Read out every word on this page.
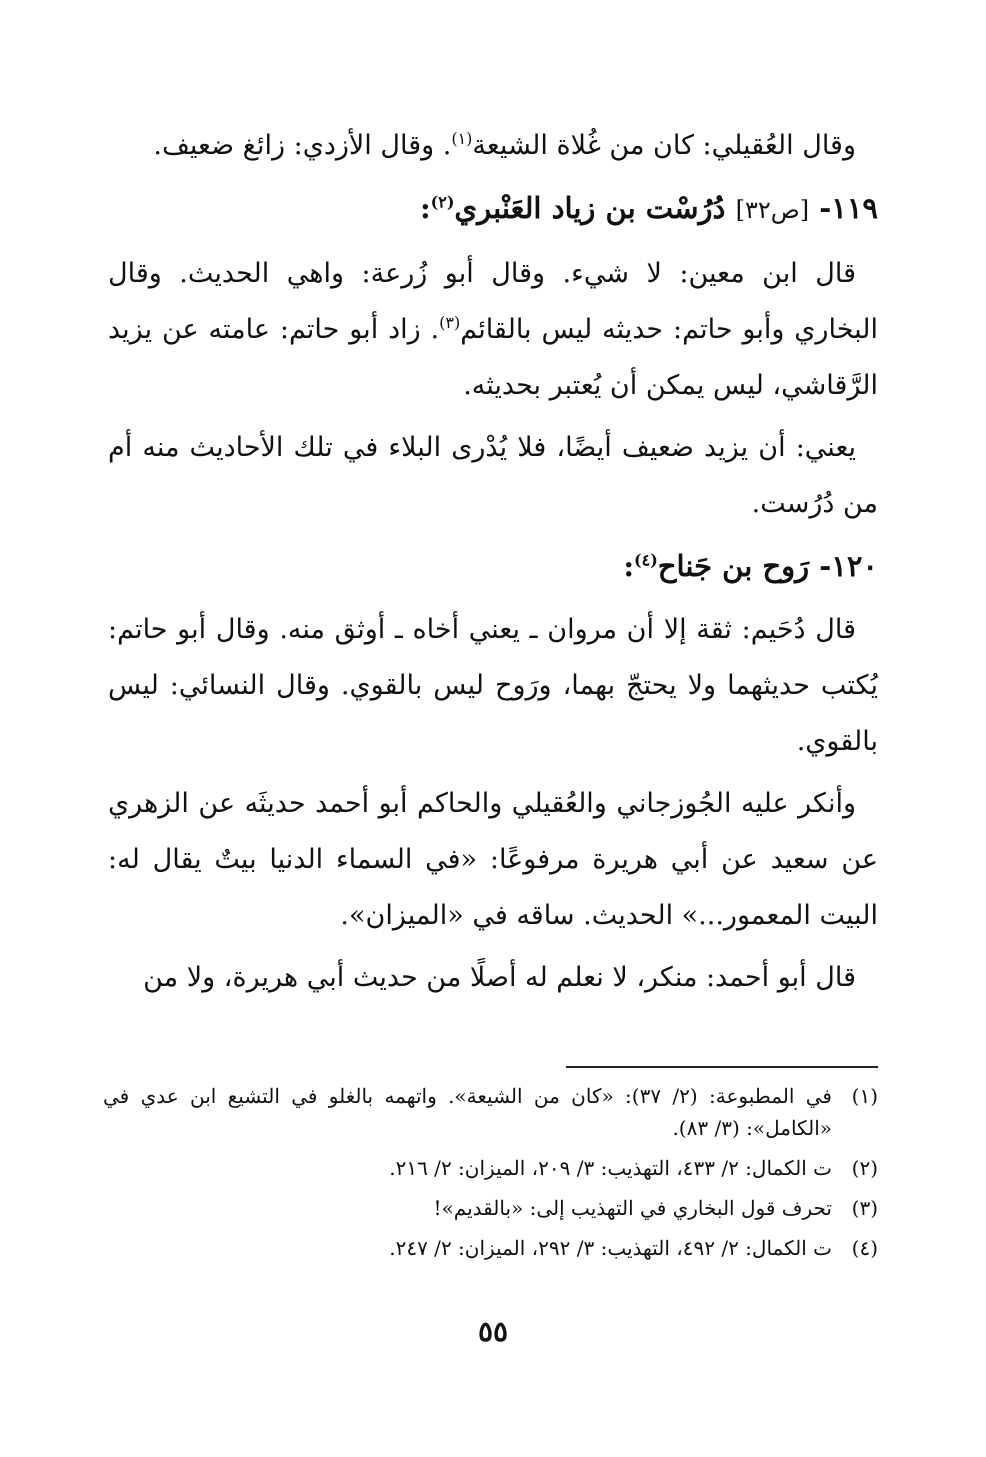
وقال العُقيلي: كان من غُلاة الشيعة$^{(١)}$. وقال الأزدي: زائغ ضعيف.

١١٩- [ص٣٢] دُرُسْت بن زياد العَنْبري$^{(٢)}$:

قال ابن معين: لا شيء. وقال أبو زُرعة: واهي الحديث. وقال البخاري وأبو حاتم: حديثه ليس بالقائم$^{(٣)}$. زاد أبو حاتم: عامته عن يزيد الرَّقاشي، ليس يمكن أن يُعتبر بحديثه.

يعني: أن يزيد ضعيف أيضًا، فلا يُدْرى البلاء في تلك الأحاديث منه أم من دُرُست.

١٢٠- رَوح بن جَناح$^{(٤)}$:

قال دُحَيم: ثقة إلا أن مروان ـ يعني أخاه ـ أوثق منه. وقال أبو حاتم: يُكتب حديثهما ولا يحتجّ بهما، ورَوح ليس بالقوي. وقال النسائي: ليس بالقوي.

وأنكر عليه الجُوزجاني والعُقيلي والحاكم أبو أحمد حديثَه عن الزهري عن سعيد عن أبي هريرة مرفوعًا: «في السماء الدنيا بيتٌ يقال له: البيت المعمور...» الحديث. ساقه في «الميزان».

قال أبو أحمد: منكر، لا نعلم له أصلًا من حديث أبي هريرة، ولا من

(١)
في المطبوعة: (٢/ ٣٧): «كان من الشيعة». واتهمه بالغلو في التشيع ابن عدي في «الكامل»: (٣/ ٨٣).
(٢)
ت الكمال: ٢/ ٤٣٣، التهذيب: ٣/ ٢٠٩، الميزان: ٢/ ٢١٦.
(٣)
تحرف قول البخاري في التهذيب إلى: «بالقديم»!
(٤)
ت الكمال: ٢/ ٤٩٢، التهذيب: ٣/ ٢٩٢، الميزان: ٢/ ٢٤٧.
٥٥
